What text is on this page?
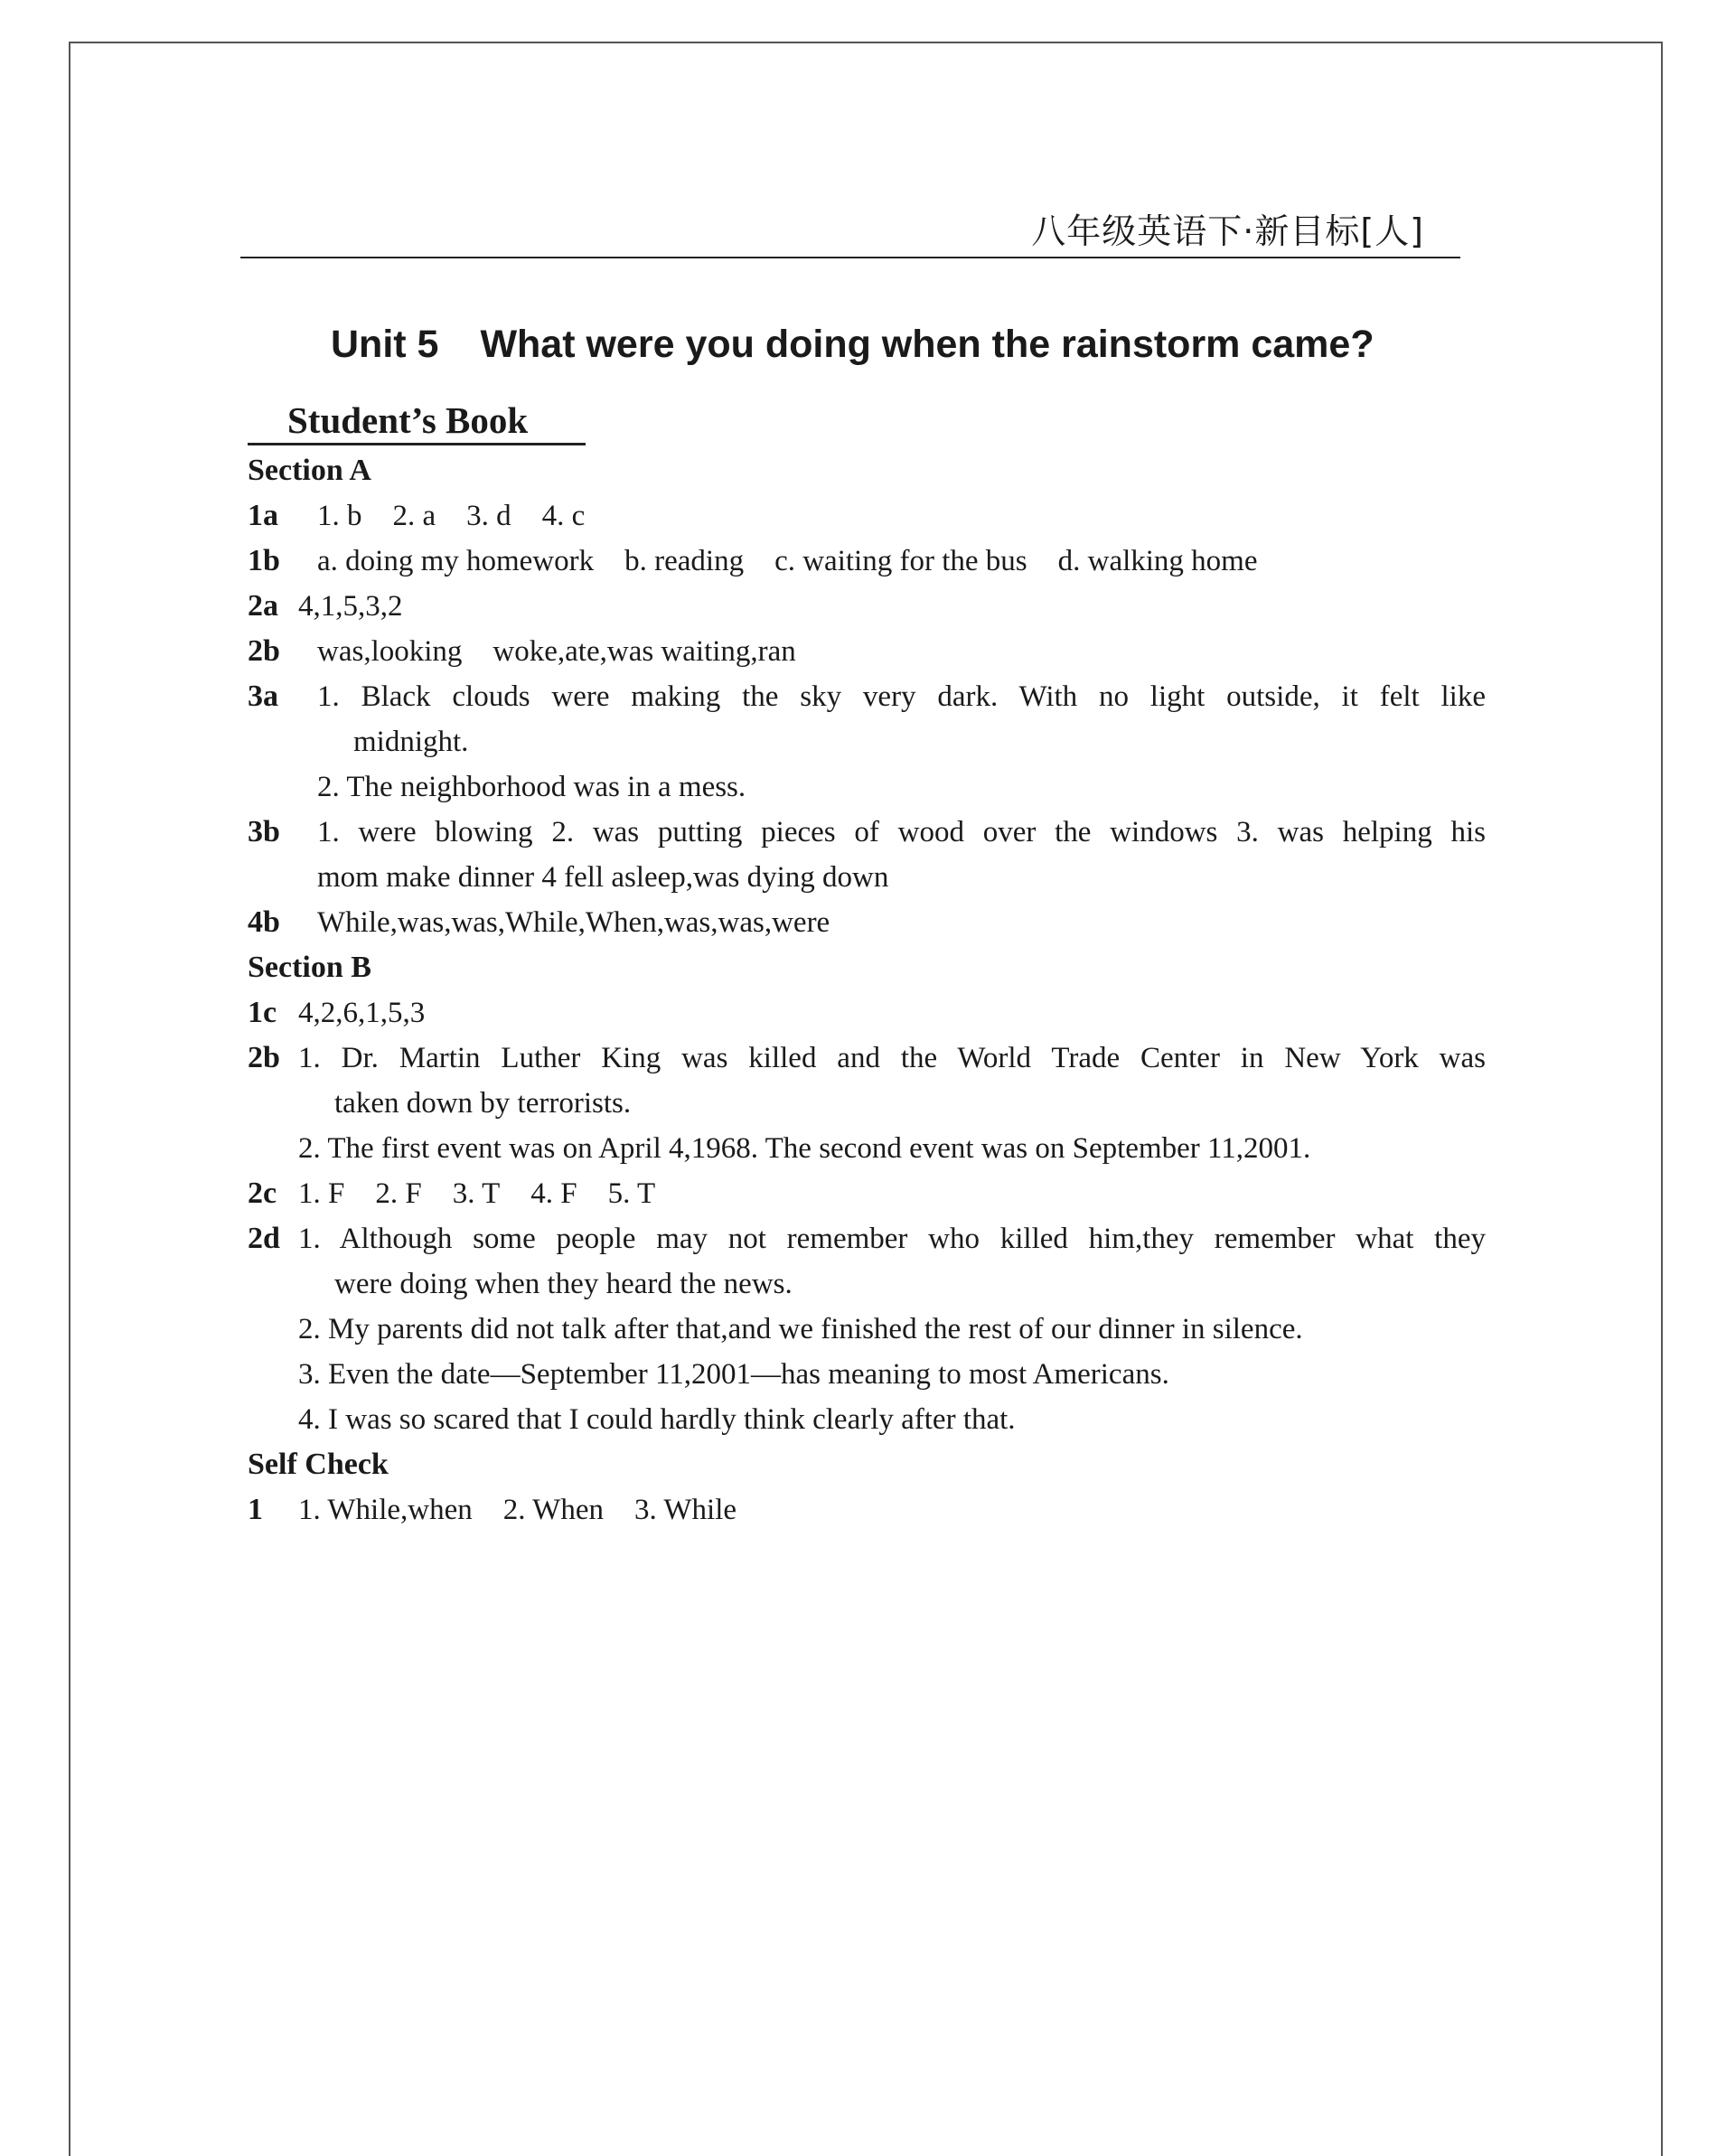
八年级英语下·新目标[人]
Unit 5 What were you doing when the rainstorm came?
Student’s Book
Section A
1a 1. b 2. a 3. d 4. c
1b a. doing my homework b. reading c. waiting for the bus d. walking home
2a 4,1,5,3,2
2b was,looking woke,ate,was waiting,ran
3a 1. Black clouds were making the sky very dark. With no light outside, it felt like
midnight.
2. The neighborhood was in a mess.
3b 1. were blowing 2. was putting pieces of wood over the windows 3. was helping his
mom make dinner 4 fell asleep,was dying down
4b While,was,was,While,When,was,was,were
Section B
1c 4,2,6,1,5,3
2b 1. Dr. Martin Luther King was killed and the World Trade Center in New York was
taken down by terrorists.
2. The first event was on April 4,1968. The second event was on September 11,2001.
2c 1. F 2. F 3. T 4. F 5. T
2d 1. Although some people may not remember who killed him,they remember what they
were doing when they heard the news.
2. My parents did not talk after that,and we finished the rest of our dinner in silence.
3. Even the date—September 11,2001—has meaning to most Americans.
4. I was so scared that I could hardly think clearly after that.
Self Check
1 1. While,when 2. When 3. While
